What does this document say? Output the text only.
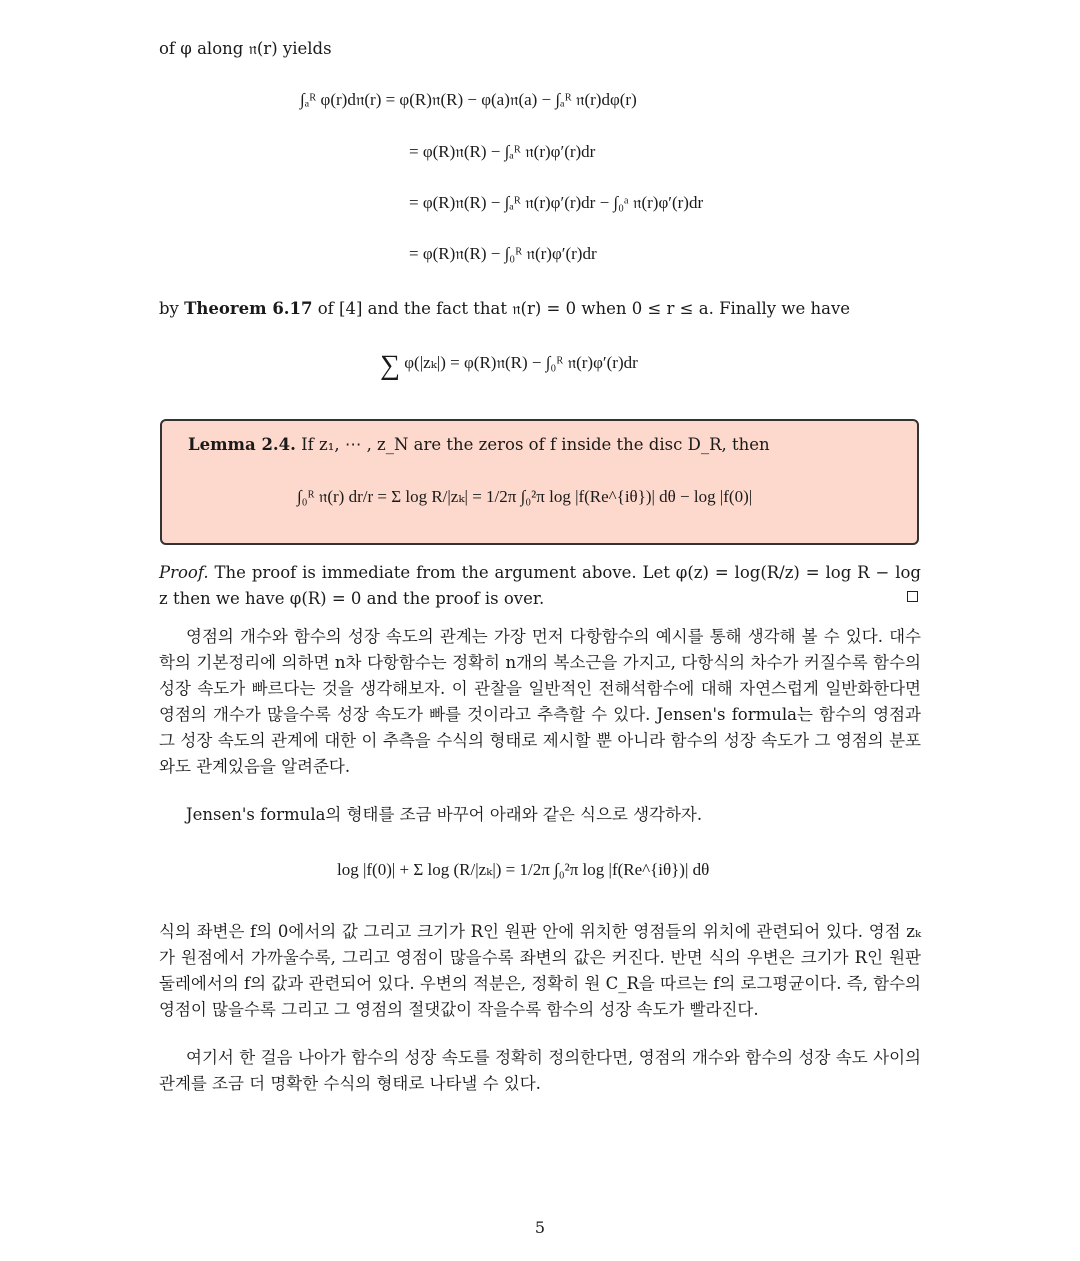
of φ along 𝔫(r) yields
∫ₐᴿ φ(r)d𝔫(r) = φ(R)𝔫(R) − φ(a)𝔫(a) − ∫ₐᴿ 𝔫(r)dφ(r)
= φ(R)𝔫(R) − ∫ₐᴿ 𝔫(r)φ′(r)dr
= φ(R)𝔫(R) − ∫ₐᴿ 𝔫(r)φ′(r)dr − ∫₀ᵃ 𝔫(r)φ′(r)dr
= φ(R)𝔫(R) − ∫₀ᴿ 𝔫(r)φ′(r)dr
by Theorem 6.17 of [4] and the fact that 𝔫(r) = 0 when 0 ≤ r ≤ a. Finally we have
∑ φ(|zₖ|) = φ(R)𝔫(R) − ∫₀ᴿ 𝔫(r)φ′(r)dr
Lemma 2.4. If z₁, ⋯ , z_N are the zeros of f inside the disc D_R, then
∫₀ᴿ 𝔫(r) dr/r = Σ log R/|zₖ| = 1/2π ∫₀²π log |f(Re^{iθ})| dθ − log |f(0)|
Proof. The proof is immediate from the argument above. Let φ(z) = log(R/z) = log R − log z then we have φ(R) = 0 and the proof is over.
영점의 개수와 함수의 성장 속도의 관계는 가장 먼저 다항함수의 예시를 통해 생각해 볼 수 있다. 대수학의 기본정리에 의하면 n차 다항함수는 정확히 n개의 복소근을 가지고, 다항식의 차수가 커질수록 함수의 성장 속도가 빠르다는 것을 생각해보자. 이 관찰을 일반적인 전해석함수에 대해 자연스럽게 일반화한다면 영점의 개수가 많을수록 성장 속도가 빠를 것이라고 추측할 수 있다. Jensen's formula는 함수의 영점과 그 성장 속도의 관계에 대한 이 추측을 수식의 형태로 제시할 뿐 아니라 함수의 성장 속도가 그 영점의 분포와도 관계있음을 알려준다.
Jensen's formula의 형태를 조금 바꾸어 아래와 같은 식으로 생각하자.
log |f(0)| + Σ log (R/|zₖ|) = 1/2π ∫₀²π log |f(Re^{iθ})| dθ
식의 좌변은 f의 0에서의 값 그리고 크기가 R인 원판 안에 위치한 영점들의 위치에 관련되어 있다. 영점 zₖ가 원점에서 가까울수록, 그리고 영점이 많을수록 좌변의 값은 커진다. 반면 식의 우변은 크기가 R인 원판 둘레에서의 f의 값과 관련되어 있다. 우변의 적분은, 정확히 원 C_R을 따르는 f의 로그평균이다. 즉, 함수의 영점이 많을수록 그리고 그 영점의 절댓값이 작을수록 함수의 성장 속도가 빨라진다.
여기서 한 걸음 나아가 함수의 성장 속도를 정확히 정의한다면, 영점의 개수와 함수의 성장 속도 사이의 관계를 조금 더 명확한 수식의 형태로 나타낼 수 있다.
5
